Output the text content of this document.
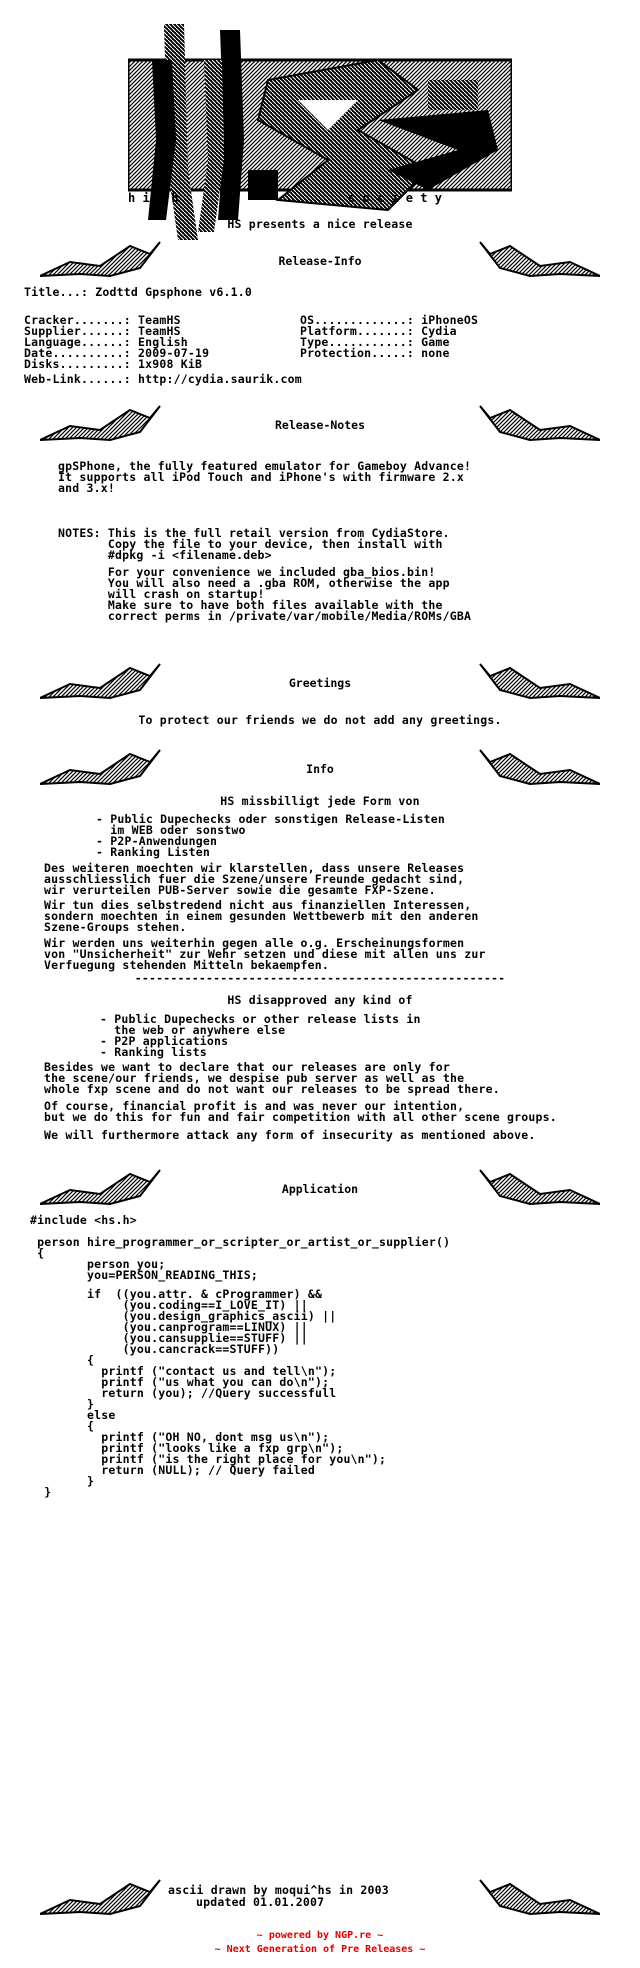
h i g h	s o c i e t y
HS presents a nice release
Release-Info
Title...: Zodttd Gpsphone v6.1.0
Cracker.......: TeamHS
Supplier......: TeamHS
Language......: English
Date..........: 2009-07-19
Disks.........: 1x908 KiB
OS.............: iPhoneOS
Platform.......: Cydia
Type...........: Game
Protection.....: none
Web-Link......: http://cydia.saurik.com
Release-Notes
gpSPhone, the fully featured emulator for Gameboy Advance!
It supports all iPod Touch and iPhone's with firmware 2.x
and 3.x!
NOTES: This is the full retail version from CydiaStore.
Copy the file to your device, then install with
#dpkg -i <filename.deb>
For your convenience we included gba_bios.bin!
You will also need a .gba ROM, otherwise the app
will crash on startup!
Make sure to have both files available with the
correct perms in /private/var/mobile/Media/ROMs/GBA
Greetings
To protect our friends we do not add any greetings.
Info
HS missbilligt jede Form von
- Public Dupechecks oder sonstigen Release-Listen
im WEB oder sonstwo
- P2P-Anwendungen
- Ranking Listen
Des weiteren moechten wir klarstellen, dass unsere Releases
ausschliesslich fuer die Szene/unsere Freunde gedacht sind,
wir verurteilen PUB-Server sowie die gesamte FXP-Szene.
Wir tun dies selbstredend nicht aus finanziellen Interessen,
sondern moechten in einem gesunden Wettbewerb mit den anderen
Szene-Groups stehen.
Wir werden uns weiterhin gegen alle o.g. Erscheinungsformen
von "Unsicherheit" zur Wehr setzen und diese mit allen uns zur
Verfuegung stehenden Mitteln bekaempfen.
----------------------------------------------------
HS disapproved any kind of
- Public Dupechecks or other release lists in
the web or anywhere else
- P2P applications
- Ranking lists
Besides we want to declare that our releases are only for
the scene/our friends, we despise pub server as well as the
whole fxp scene and do not want our releases to be spread there.
Of course, financial profit is and was never our intention,
but we do this for fun and fair competition with all other scene groups.
We will furthermore attack any form of insecurity as mentioned above.
Application
#include <hs.h>
person hire_programmer_or_scripter_or_artist_or_supplier()
{
person you;
you=PERSON_READING_THIS;
if  ((you.attr. & cProgrammer) &&
(you.coding==I_LOVE_IT) ||
(you.design_graphics_ascii) ||
(you.canprogram==LINUX) ||
(you.cansupplie==STUFF) ||
(you.cancrack==STUFF))
{
printf ("contact us and tell\n");
printf ("us what you can do\n");
return (you); //Query successfull
}
else
{
printf ("OH NO, dont msg us\n");
printf ("looks like a fxp grp\n");
printf ("is the right place for you\n");
return (NULL); // Query failed
}
}
ascii drawn by moqui^hs in 2003
updated 01.01.2007
~ powered by NGP.re ~
~ Next Generation of Pre Releases ~
